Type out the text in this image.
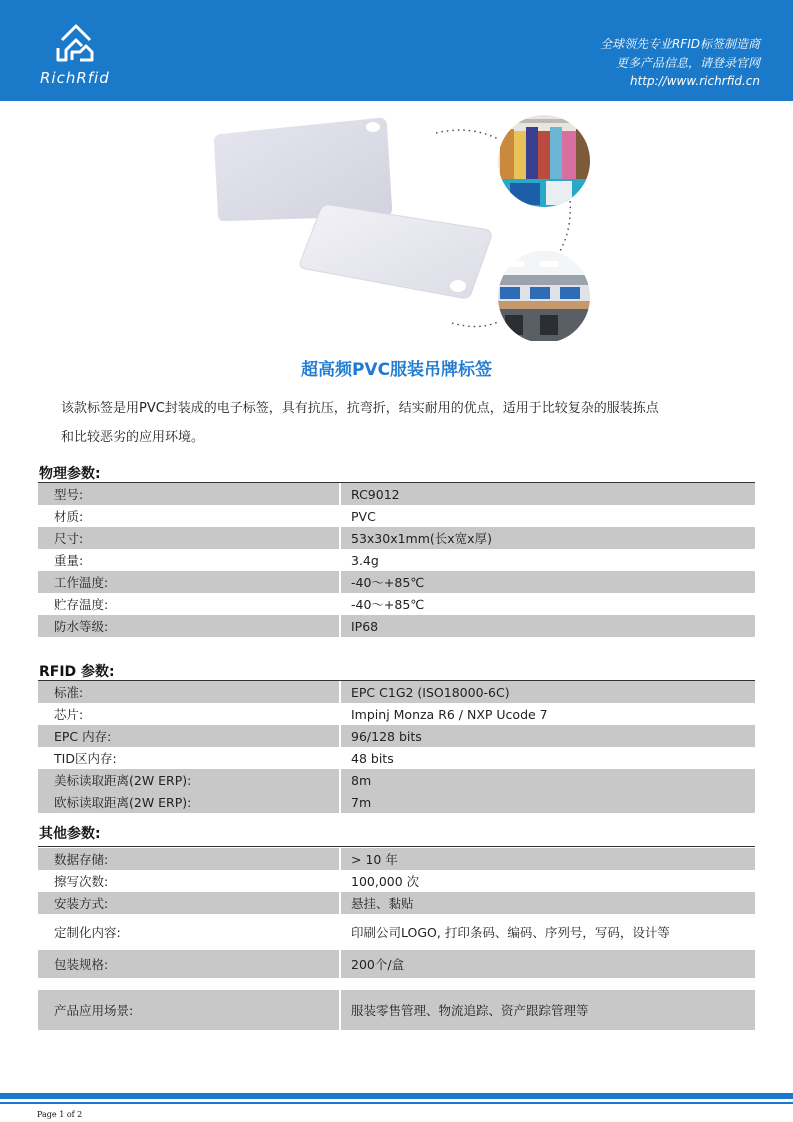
RichRfid
全球领先专业RFID标签制造商
更多产品信息，请登录官网
http://www.richrfid.cn
超高频PVC服装吊牌标签
该款标签是用PVC封装成的电子标签，具有抗压，抗弯折，结实耐用的优点，适用于比较复杂的服装拣点
和比较恶劣的应用环境。
物理参数:
型号:	RC9012
材质:	PVC
尺寸:	53x30x1mm(长x宽x厚)
重量:	3.4g
工作温度:	-40～+85℃
贮存温度:	-40～+85℃
防水等级:	IP68
RFID 参数:
标准:	EPC C1G2 (ISO18000-6C)
芯片:	Impinj Monza R6 / NXP Ucode 7
EPC 内存:	96/128 bits
TID区内存:	48 bits
美标读取距离(2W ERP):	8m
欧标读取距离(2W ERP):	7m
其他参数:
数据存储:	> 10 年
擦写次数:	100,000 次
安装方式:	悬挂、黏贴
定制化内容:	印刷公司LOGO, 打印条码、编码、序列号，写码，设计等
包装规格:	200个/盒

产品应用场景:	服装零售管理、物流追踪、资产跟踪管理等
Page 1 of 2
